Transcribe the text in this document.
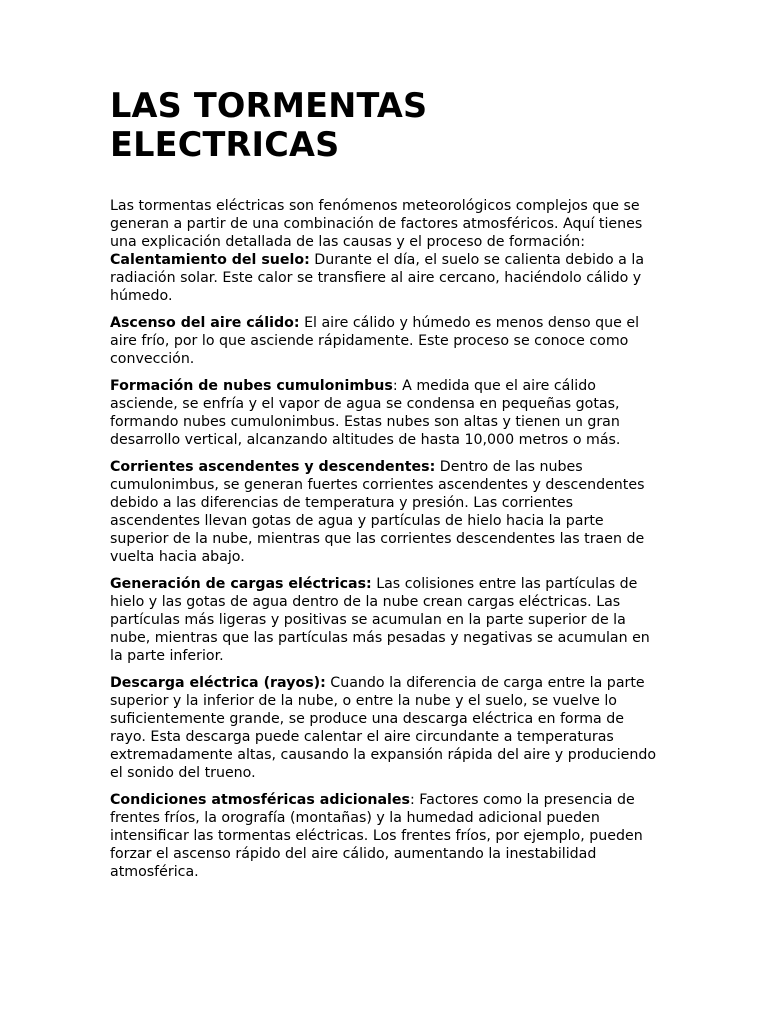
LAS TORMENTAS
ELECTRICAS

Las tormentas eléctricas son fenómenos meteorológicos complejos que se generan a partir de una combinación de factores atmosféricos. Aquí tienes una explicación detallada de las causas y el proceso de formación:

Calentamiento del suelo: Durante el día, el suelo se calienta debido a la radiación solar. Este calor se transfiere al aire cercano, haciéndolo cálido y húmedo.

Ascenso del aire cálido: El aire cálido y húmedo es menos denso que el aire frío, por lo que asciende rápidamente. Este proceso se conoce como convección.

Formación de nubes cumulonimbus: A medida que el aire cálido asciende, se enfría y el vapor de agua se condensa en pequeñas gotas, formando nubes cumulonimbus. Estas nubes son altas y tienen un gran desarrollo vertical, alcanzando altitudes de hasta 10,000 metros o más.

Corrientes ascendentes y descendentes: Dentro de las nubes cumulonimbus, se generan fuertes corrientes ascendentes y descendentes debido a las diferencias de temperatura y presión. Las corrientes ascendentes llevan gotas de agua y partículas de hielo hacia la parte superior de la nube, mientras que las corrientes descendentes las traen de vuelta hacia abajo.

Generación de cargas eléctricas: Las colisiones entre las partículas de hielo y las gotas de agua dentro de la nube crean cargas eléctricas. Las partículas más ligeras y positivas se acumulan en la parte superior de la nube, mientras que las partículas más pesadas y negativas se acumulan en la parte inferior.

Descarga eléctrica (rayos): Cuando la diferencia de carga entre la parte superior y la inferior de la nube, o entre la nube y el suelo, se vuelve lo suficientemente grande, se produce una descarga eléctrica en forma de rayo. Esta descarga puede calentar el aire circundante a temperaturas extremadamente altas, causando la expansión rápida del aire y produciendo el sonido del trueno.

Condiciones atmosféricas adicionales: Factores como la presencia de frentes fríos, la orografía (montañas) y la humedad adicional pueden intensificar las tormentas eléctricas. Los frentes fríos, por ejemplo, pueden forzar el ascenso rápido del aire cálido, aumentando la inestabilidad atmosférica.
